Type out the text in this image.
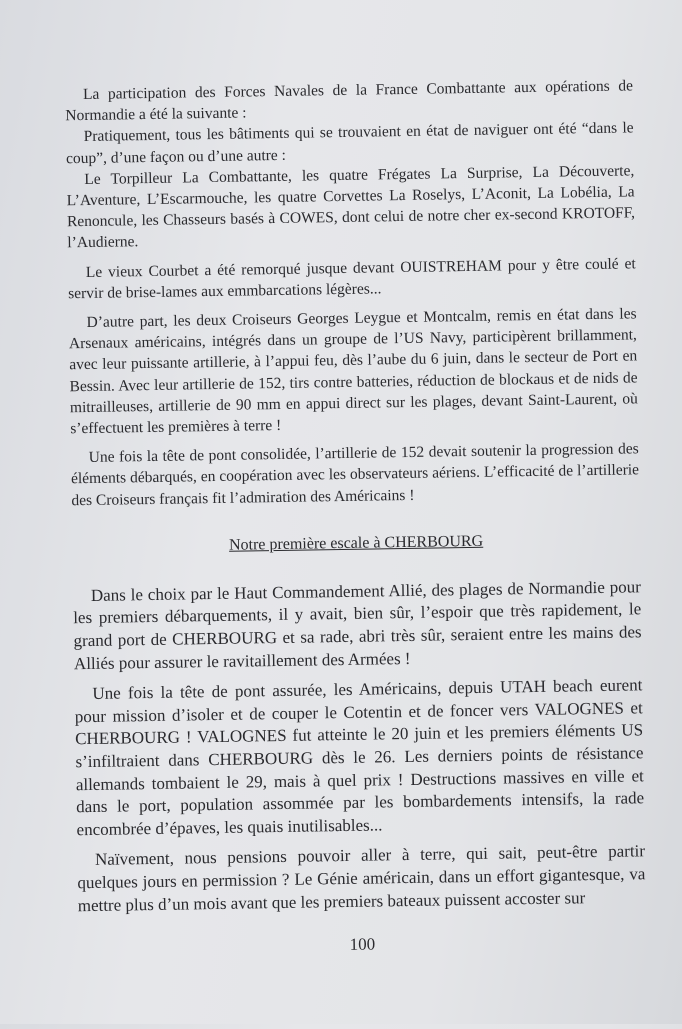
La participation des Forces Navales de la France Combattante aux opérations de Normandie a été la suivante :

Pratiquement, tous les bâtiments qui se trouvaient en état de naviguer ont été “dans le coup”, d’une façon ou d’une autre :

Le Torpilleur La Combattante, les quatre Frégates La Surprise, La Découverte, L’Aventure, L’Escarmouche, les quatre Corvettes La Roselys, L’Aconit, La Lobélia, La Renoncule, les Chasseurs basés à COWES, dont celui de notre cher ex-second KROTOFF, l’Audierne.

Le vieux Courbet a été remorqué jusque devant OUISTREHAM pour y être coulé et servir de brise-lames aux emmbarcations légères...

D’autre part, les deux Croiseurs Georges Leygue et Montcalm, remis en état dans les Arsenaux américains, intégrés dans un groupe de l’US Navy, participèrent brillamment, avec leur puissante artillerie, à l’appui feu, dès l’aube du 6 juin, dans le secteur de Port en Bessin. Avec leur artillerie de 152, tirs contre batteries, réduction de blockaus et de nids de mitrailleuses, artillerie de 90 mm en appui direct sur les plages, devant Saint-Laurent, où s’effectuent les premières à terre !

Une fois la tête de pont consolidée, l’artillerie de 152 devait soutenir la progression des éléments débarqués, en coopération avec les observateurs aériens. L’efficacité de l’artillerie des Croiseurs français fit l’admiration des Américains !

Notre première escale à CHERBOURG

Dans le choix par le Haut Commandement Allié, des plages de Normandie pour les premiers débarquements, il y avait, bien sûr, l’espoir que très rapidement, le grand port de CHERBOURG et sa rade, abri très sûr, seraient entre les mains des Alliés pour assurer le ravitaillement des Armées !

Une fois la tête de pont assurée, les Américains, depuis UTAH beach eurent pour mission d’isoler et de couper le Cotentin et de foncer vers VALOGNES et CHERBOURG ! VALOGNES fut atteinte le 20 juin et les premiers éléments US s’infiltraient dans CHERBOURG dès le 26. Les derniers points de résistance allemands tombaient le 29, mais à quel prix ! Destructions massives en ville et dans le port, population assommée par les bombardements intensifs, la rade encombrée d’épaves, les quais inutilisables...

Naïvement, nous pensions pouvoir aller à terre, qui sait, peut-être partir quelques jours en permission ? Le Génie américain, dans un effort gigantesque, va mettre plus d’un mois avant que les premiers bateaux puissent accoster sur

100
